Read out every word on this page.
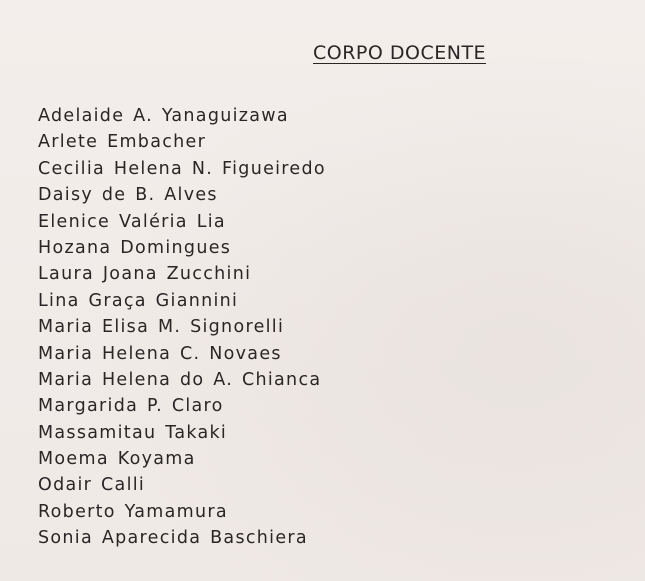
CORPO DOCENTE
Adelaide A. Yanaguizawa
Arlete Embacher
Cecilia Helena N. Figueiredo
Daisy de B. Alves
Elenice Valéria Lia
Hozana Domingues
Laura Joana Zucchini
Lina Graça Giannini
Maria Elisa M. Signorelli
Maria Helena C. Novaes
Maria Helena do A. Chianca
Margarida P. Claro
Massamitau Takaki
Moema Koyama
Odair Calli
Roberto Yamamura
Sonia Aparecida Baschiera
